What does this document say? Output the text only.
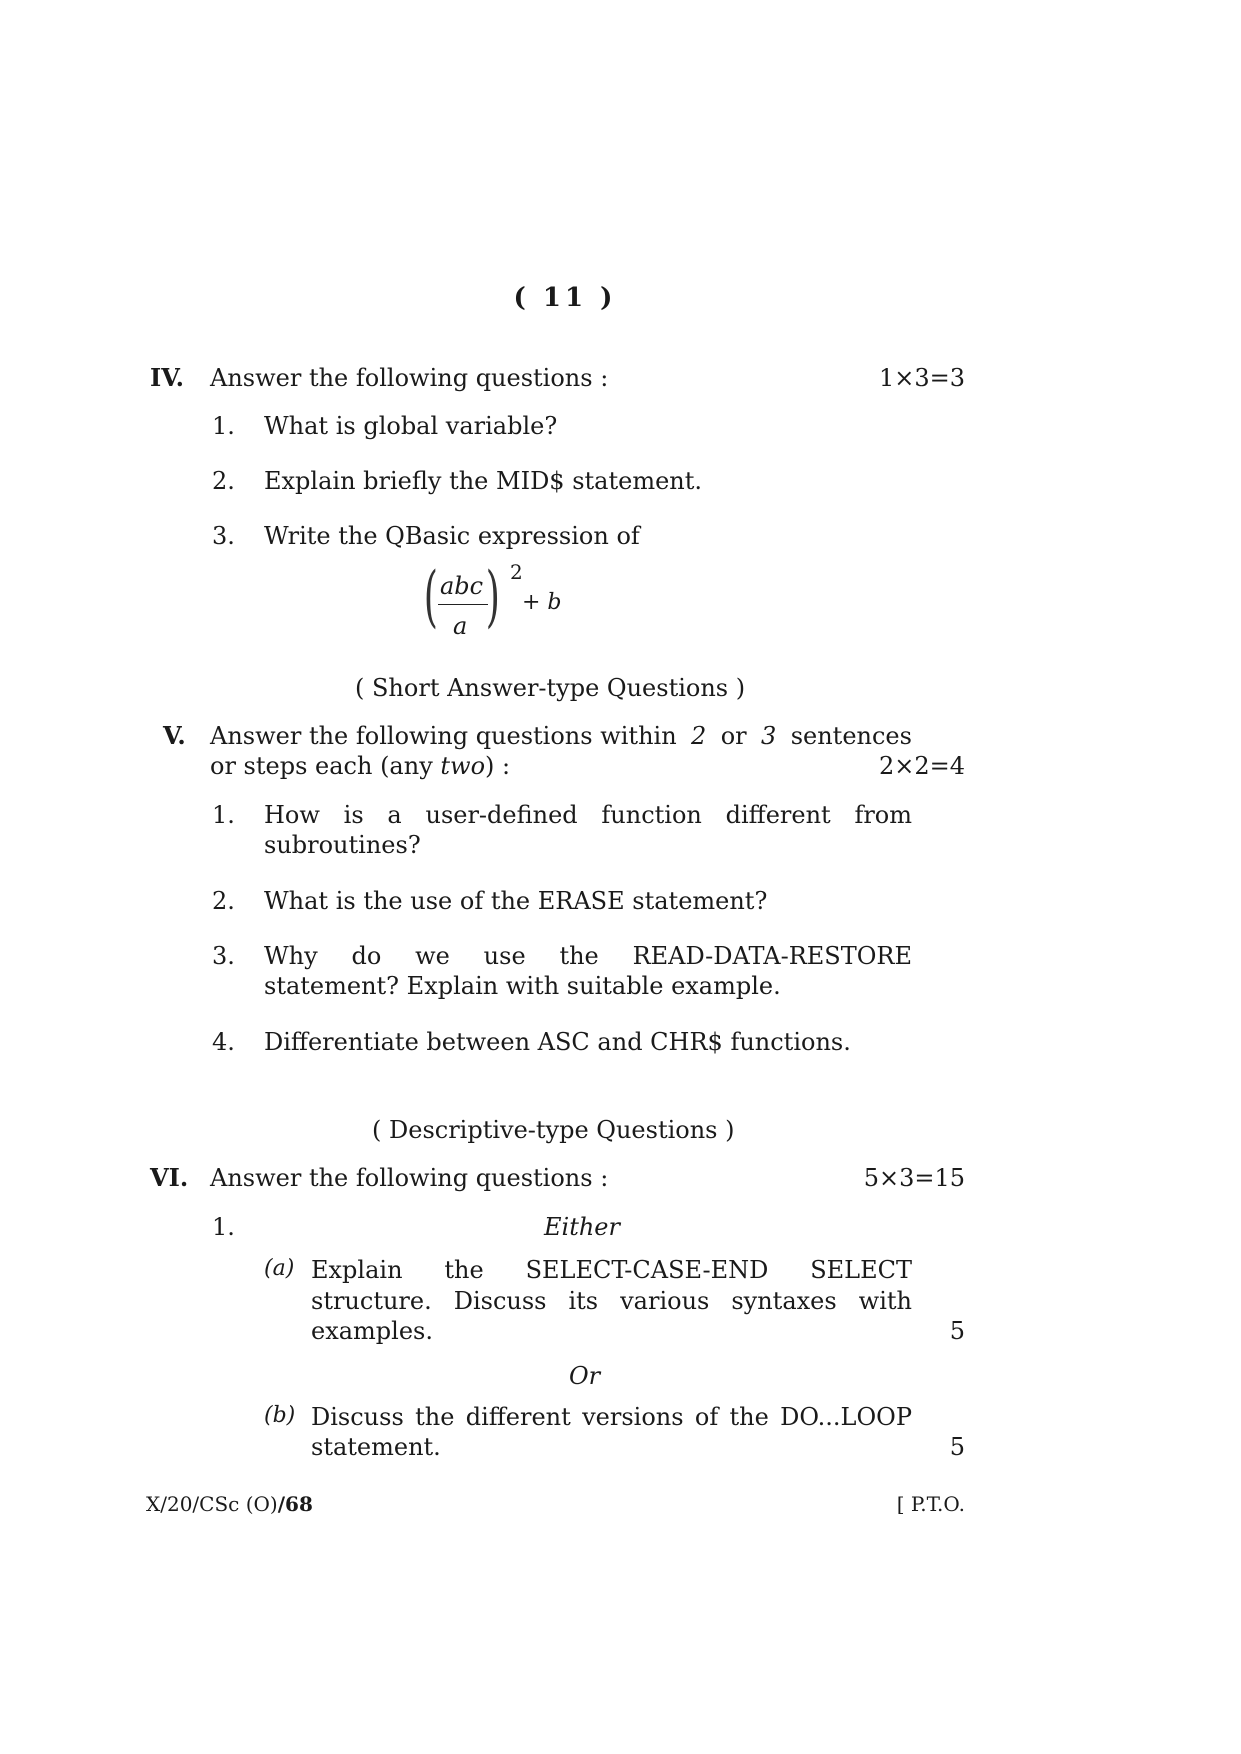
( 11 )
IV. Answer the following questions :	1×3=3
1. What is global variable?
2. Explain briefly the MID$ statement.
3. Write the QBasic expression of
( abc
a ) 2
+ b
( Short Answer-type Questions )
V. Answer the following questions within 2 or 3 sentences
or steps each (any two) :	2×2=4
1. How is a user-defined function different from
subroutines?
2. What is the use of the ERASE statement?
3. Why do we use the READ-DATA-RESTORE
statement? Explain with suitable example.
4. Differentiate between ASC and CHR$ functions.
( Descriptive-type Questions )
VI. Answer the following questions :	5×3=15
1.	Either
(a) Explain the SELECT-CASE-END SELECT
structure. Discuss its various syntaxes with
examples.	5
Or
(b) Discuss the different versions of the DO...LOOP
statement.	5
X/20/CSc (O)/68	[ P.T.O.
